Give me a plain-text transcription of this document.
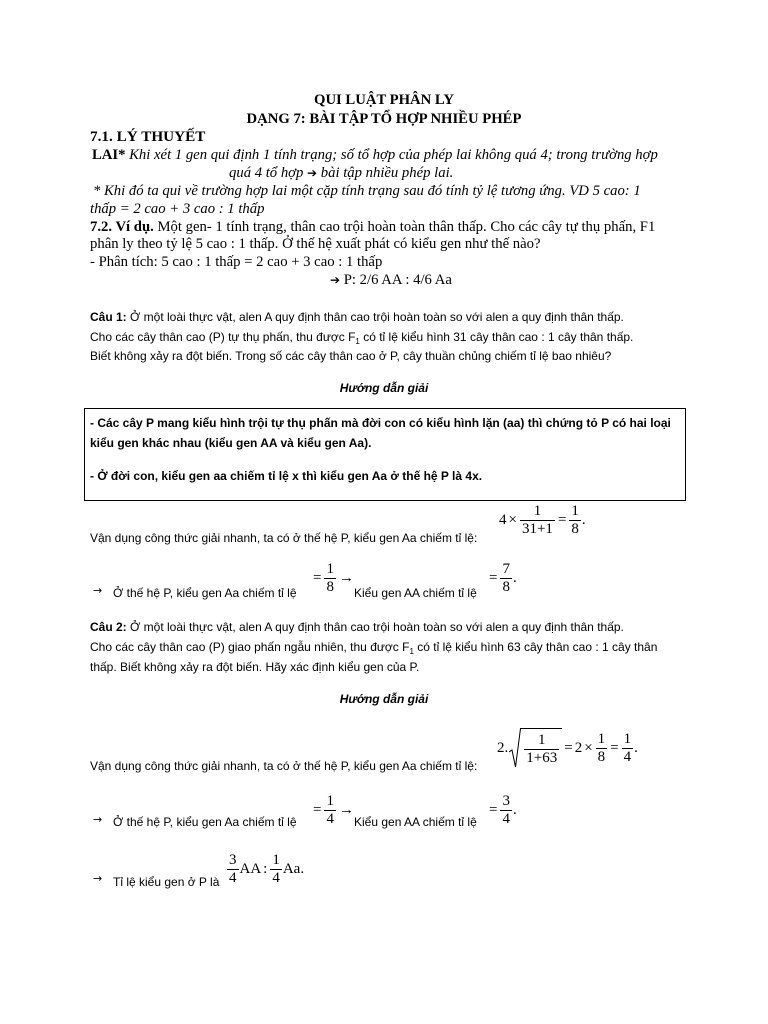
QUI LUẬT PHÂN LY
DẠNG 7: BÀI TẬP TỔ HỢP NHIỀU PHÉP
7.1. LÝ THUYẾT
LAI* Khi xét 1 gen qui định 1 tính trạng; số tổ hợp của phép lai không quá 4; trong trường hợp
quá 4 tổ hợp ➔ bài tập nhiều phép lai.
* Khi đó ta qui về trường hợp lai một cặp tính trạng sau đó tính tỷ lệ tương ứng. VD 5 cao: 1
thấp = 2 cao + 3 cao : 1 thấp
7.2. Ví dụ. Một gen- 1 tính trạng, thân cao trội hoàn toàn thân thấp. Cho các cây tự thụ phấn, F1
phân ly theo tỷ lệ 5 cao : 1 thấp. Ở thế hệ xuất phát có kiểu gen như thế nào?
- Phân tích: 5 cao : 1 thấp = 2 cao + 3 cao : 1 thấp
➔ P: 2/6 AA : 4/6 Aa
Câu 1: Ở một loài thực vật, alen A quy định thân cao trội hoàn toàn so với alen a quy định thân thấp.
Cho các cây thân cao (P) tự thụ phấn, thu được $F_1$ có tỉ lệ kiểu hình 31 cây thân cao : 1 cây thân thấp.
Biết không xảy ra đột biến. Trong số các cây thân cao ở P, cây thuần chủng chiếm tỉ lệ bao nhiêu?
Hướng dẫn giải
- Các cây P mang kiểu hình trội tự thụ phấn mà đời con có kiểu hình lặn (aa) thì chứng tỏ P có hai loại
kiểu gen khác nhau (kiểu gen AA và kiểu gen Aa).
- Ở đời con, kiểu gen aa chiếm tỉ lệ x thì kiểu gen Aa ở thế hệ P là 4x.
Vận dụng công thức giải nhanh, ta có ở thế hệ P, kiểu gen Aa chiếm tỉ lệ:
$4 \times \frac{1}{31+1} = \frac{1}{8}$ .
→ Ở thế hệ P, kiểu gen Aa chiếm tỉ lệ
= $\frac{1}{8}$ →
Kiểu gen AA chiếm tỉ lệ
= $\frac{7}{8}$ .
Câu 2: Ở một loài thực vật, alen A quy định thân cao trội hoàn toàn so với alen a quy định thân thấp.
Cho các cây thân cao (P) giao phấn ngẫu nhiên, thu được $F_1$ có tỉ lệ kiểu hình 63 cây thân cao : 1 cây thân
thấp. Biết không xảy ra đột biến. Hãy xác định kiểu gen của P.
Hướng dẫn giải
Vận dụng công thức giải nhanh, ta có ở thế hệ P, kiểu gen Aa chiếm tỉ lệ:
2. $\frac{1}{1+63} = 2 \times \frac{1}{8} = \frac{1}{4}$ .
→ Ở thế hệ P, kiểu gen Aa chiếm tỉ lệ
= $\frac{1}{4}$ →
Kiểu gen AA chiếm tỉ lệ
= $\frac{3}{4}$ .
→ Tỉ lệ kiểu gen ở P là $\frac{3}{4}$ AA : $\frac{1}{4} Aa$.
